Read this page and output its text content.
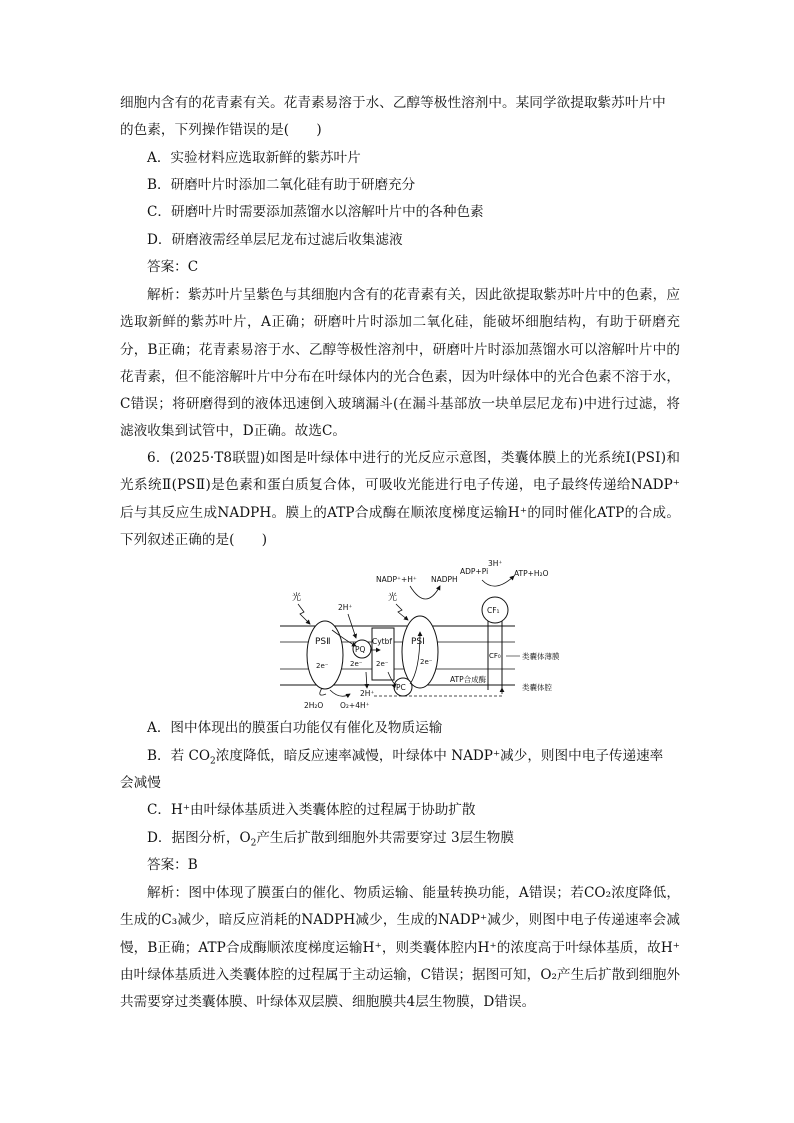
细胞内含有的花青素有关。花青素易溶于水、乙醇等极性溶剂中。某同学欲提取紫苏叶片中

的色素，下列操作错误的是(　　)

A．实验材料应选取新鲜的紫苏叶片

B．研磨叶片时添加二氧化硅有助于研磨充分

C．研磨叶片时需要添加蒸馏水以溶解叶片中的各种色素

D．研磨液需经单层尼龙布过滤后收集滤液

答案：C

解析：紫苏叶片呈紫色与其细胞内含有的花青素有关，因此欲提取紫苏叶片中的色素，应选取新鲜的紫苏叶片，A正确；研磨叶片时添加二氧化硅，能破坏细胞结构，有助于研磨充分，B正确；花青素易溶于水、乙醇等极性溶剂中，研磨叶片时添加蒸馏水可以溶解叶片中的花青素，但不能溶解叶片中分布在叶绿体内的光合色素，因为叶绿体中的光合色素不溶于水，C错误；将研磨得到的液体迅速倒入玻璃漏斗(在漏斗基部放一块单层尼龙布)中进行过滤，将滤液收集到试管中，D正确。故选C。

6．(2025·T8联盟)如图是叶绿体中进行的光反应示意图，类囊体膜上的光系统Ⅰ(PSⅠ)和光系统Ⅱ(PSⅡ)是色素和蛋白质复合体，可吸收光能进行电子传递，电子最终传递给NADP⁺后与其反应生成NADPH。膜上的ATP合成酶在顺浓度梯度运输H⁺的同时催化ATP的合成。下列叙述正确的是(　　)

PSⅡ
2e⁻
PQ
2e⁻
Cytbf
2e⁻
PSⅠ
2e⁻
PC
CF₁
CF₀
2H₂O O₂+4H⁺
2H⁺
2H⁺
光	光
NADP⁺+H⁺ NADPH
ADP+Pi
3H⁺
ATP+H₂O
ATP合成酶
类囊体薄膜
类囊体腔

A．图中体现出的膜蛋白功能仅有催化及物质运输

B．若 $CO_2$浓度降低，暗反应速率减慢，叶绿体中 NADP⁺减少，则图中电子传递速率

会减慢

C．H⁺由叶绿体基质进入类囊体腔的过程属于协助扩散

D．据图分析，$O_2$产生后扩散到细胞外共需要穿过 3层生物膜

答案：B

解析：图中体现了膜蛋白的催化、物质运输、能量转换功能，A错误；若CO₂浓度降低，生成的C₃减少，暗反应消耗的NADPH减少，生成的NADP⁺减少，则图中电子传递速率会减慢，B正确；ATP合成酶顺浓度梯度运输H⁺，则类囊体腔内H⁺的浓度高于叶绿体基质，故H⁺由叶绿体基质进入类囊体腔的过程属于主动运输，C错误；据图可知，O₂产生后扩散到细胞外共需要穿过类囊体膜、叶绿体双层膜、细胞膜共4层生物膜，D错误。
